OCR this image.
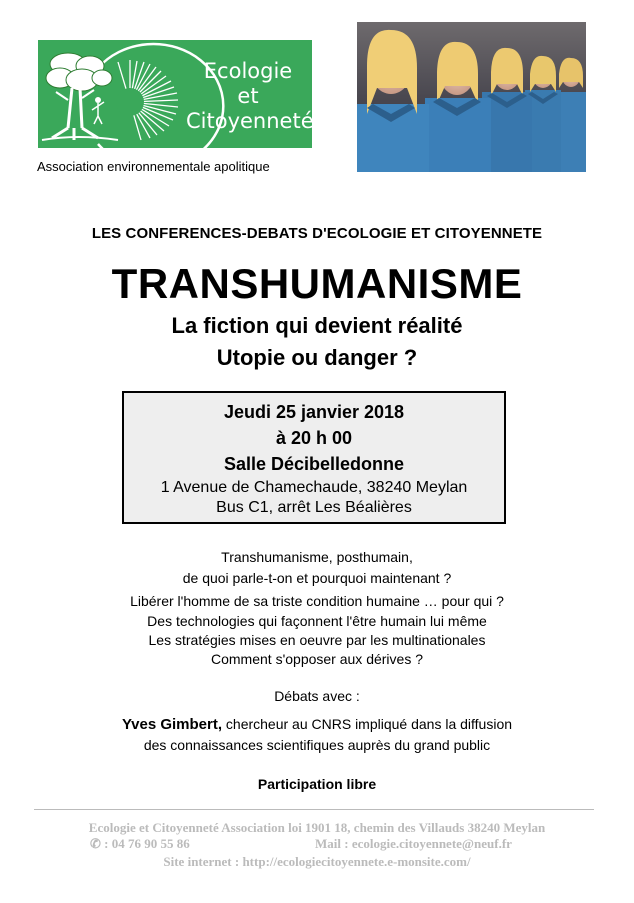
Ecologie
et
Citoyenneté
Association environnementale apolitique
LES CONFERENCES-DEBATS D'ECOLOGIE ET CITOYENNETE
TRANSHUMANISME
La fiction qui devient réalité
Utopie ou danger ?
Jeudi 25 janvier 2018
à 20 h 00
Salle Décibelledonne
1 Avenue de Chamechaude, 38240 Meylan
Bus C1, arrêt Les Béalières
Transhumanisme, posthumain,
de quoi parle-t-on et pourquoi maintenant ?
Libérer l'homme de sa triste condition humaine … pour qui ?
Des technologies qui façonnent l'être humain lui même
Les stratégies mises en oeuvre par les multinationales
Comment s'opposer aux dérives ?
Débats avec :
Yves Gimbert, chercheur au CNRS impliqué dans la diffusion
des connaissances scientifiques auprès du grand public
Participation libre
Ecologie et Citoyenneté Association loi 1901 18, chemin des Villauds 38240 Meylan
✆ : 04 76 90 55 86	Mail : ecologie.citoyennete@neuf.fr
Site internet : http://ecologiecitoyennete.e-monsite.com/
